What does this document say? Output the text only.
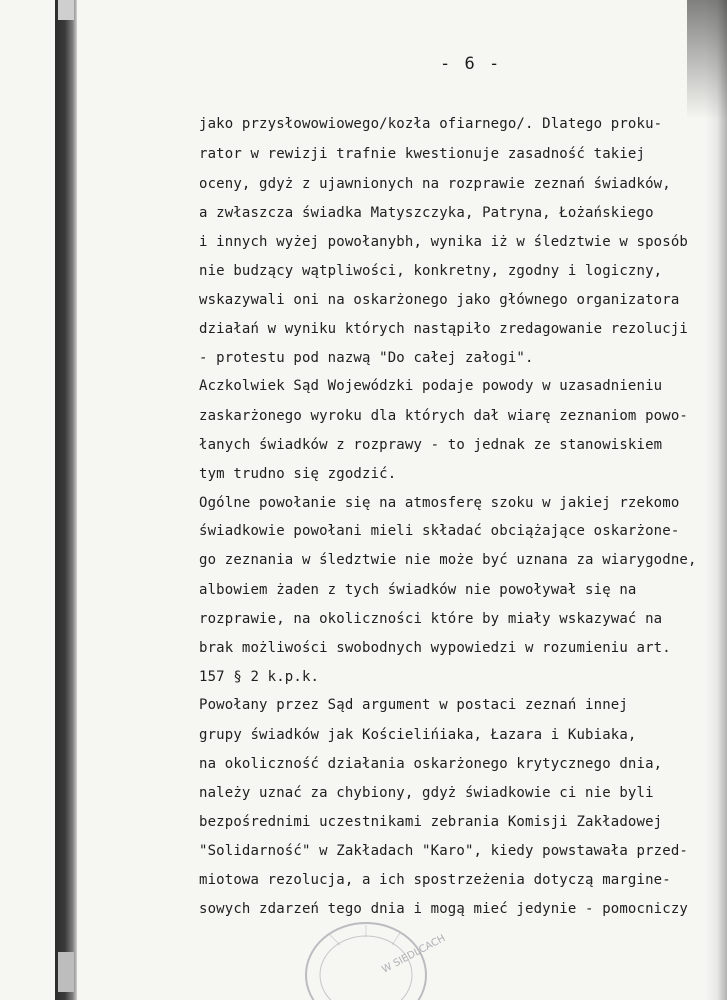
- 6 -
jako przysłowowiowego/kozła ofiarnego/. Dlatego proku-
rator w rewizji trafnie kwestionuje zasadność takiej
oceny, gdyż z ujawnionych na rozprawie zeznań świadków,
a zwłaszcza świadka Matyszczyka, Patryna, Łożańskiego
i innych wyżej powołanybh, wynika iż w śledztwie w sposób
nie budzący wątpliwości, konkretny, zgodny i logiczny,
wskazywali oni na oskarżonego jako głównego organizatora
działań w wyniku których nastąpiło zredagowanie rezolucji
- protestu pod nazwą "Do całej załogi".
Aczkolwiek Sąd Wojewódzki podaje powody w uzasadnieniu
zaskarżonego wyroku dla których dał wiarę zeznaniom powo-
łanych świadków z rozprawy - to jednak ze stanowiskiem
tym trudno się zgodzić.
Ogólne powołanie się na atmosferę szoku w jakiej rzekomo
świadkowie powołani mieli składać obciążające oskarżone-
go zeznania w śledztwie nie może być uznana za wiarygodne,
albowiem żaden z tych świadków nie powoływał się na
rozprawie, na okoliczności które by miały wskazywać na
brak możliwości swobodnych wypowiedzi w rozumieniu art.
157 § 2 k.p.k.
Powołany przez Sąd argument w postaci zeznań innej
grupy świadków jak Kościelińiaka, Łazara i Kubiaka,
na okoliczność działania oskarżonego krytycznego dnia,
należy uznać za chybiony, gdyż świadkowie ci nie byli
bezpośrednimi uczestnikami zebrania Komisji Zakładowej
"Solidarność" w Zakładach "Karo", kiedy powstawała przed-
miotowa rezolucja, a ich spostrzeżenia dotyczą margine-
sowych zdarzeń tego dnia i mogą mieć jedynie - pomocniczy
W SIEDLCACH
